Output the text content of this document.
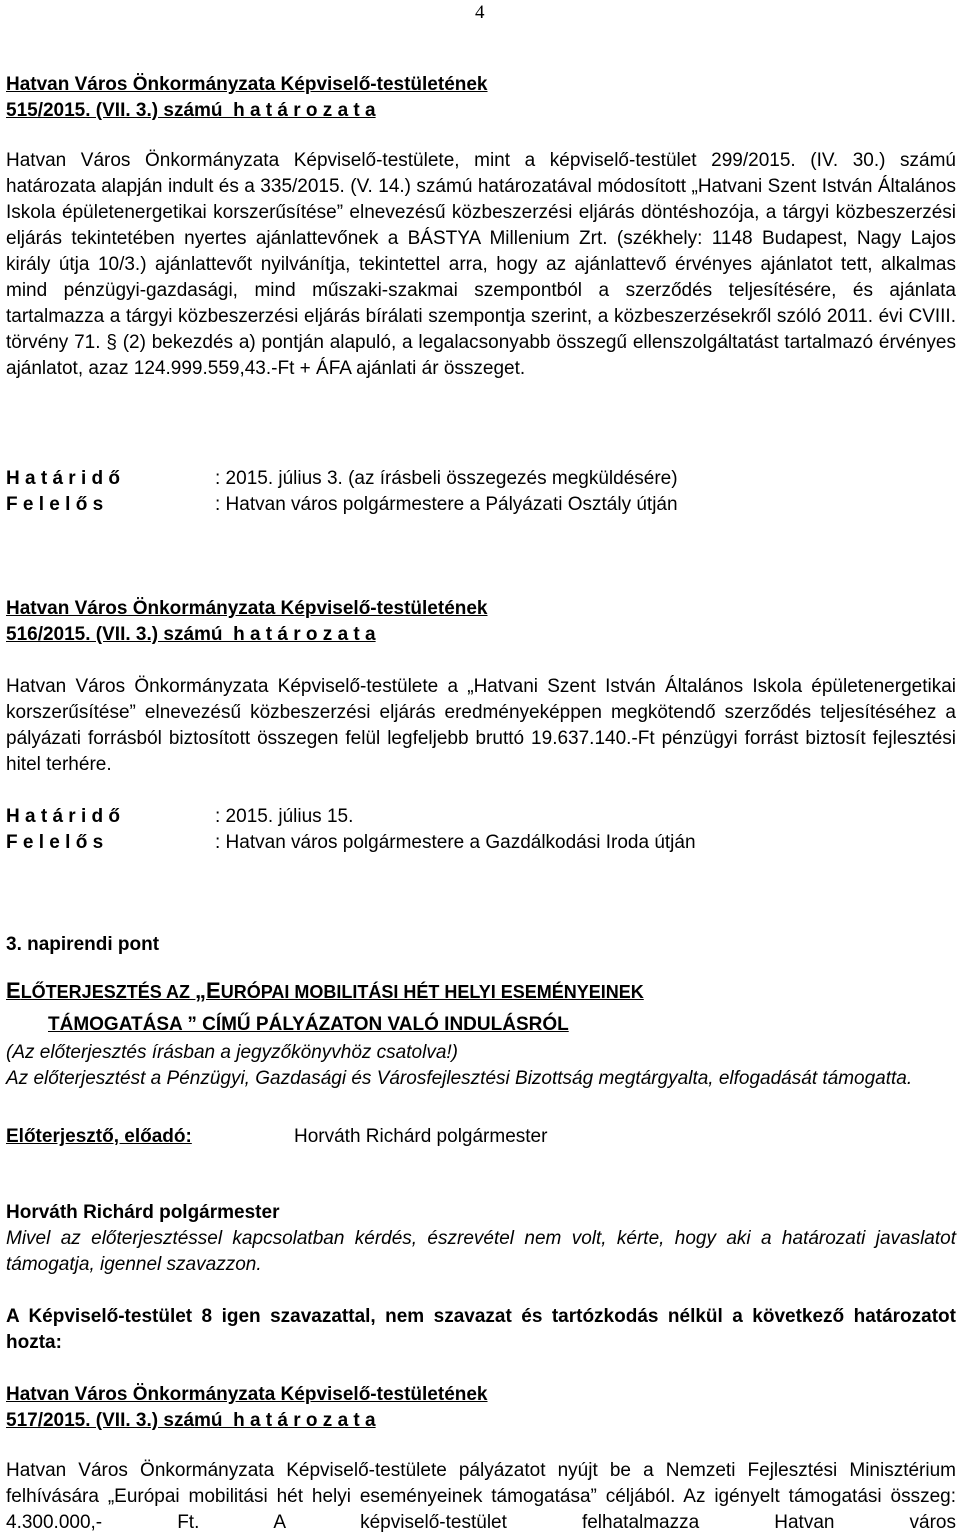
4
Hatvan Város Önkormányzata Képviselő-testületének
515/2015. (VII. 3.) számú  h a t á r o z a t a
Hatvan Város Önkormányzata Képviselő-testülete, mint a képviselő-testület 299/2015. (IV. 30.) számú határozata alapján indult és a 335/2015. (V. 14.) számú határozatával módosított „Hatvani Szent István Általános Iskola épületenergetikai korszerűsítése” elnevezésű közbeszerzési eljárás döntéshozója, a tárgyi közbeszerzési eljárás tekintetében nyertes ajánlattevőnek a BÁSTYA Millenium Zrt. (székhely: 1148 Budapest, Nagy Lajos király útja 10/3.) ajánlattevőt nyilvánítja, tekintettel arra, hogy az ajánlattevő érvényes ajánlatot tett, alkalmas mind pénzügyi-gazdasági, mind műszaki-szakmai szempontból a szerződés teljesítésére, és ajánlata tartalmazza a tárgyi közbeszerzési eljárás bírálati szempontja szerint, a közbeszerzésekről szóló 2011. évi CVIII. törvény 71. § (2) bekezdés a) pontján alapuló, a legalacsonyabb összegű ellenszolgáltatást tartalmazó érvényes ajánlatot, azaz 124.999.559,43.-Ft + ÁFA ajánlati ár összeget.
H a t á r i d ő	: 2015. július 3. (az írásbeli összegezés megküldésére)
F e l e l ő s	: Hatvan város polgármestere a Pályázati Osztály útján
Hatvan Város Önkormányzata Képviselő-testületének
516/2015. (VII. 3.) számú  h a t á r o z a t a
Hatvan Város Önkormányzata Képviselő-testülete a „Hatvani Szent István Általános Iskola épületenergetikai korszerűsítése” elnevezésű közbeszerzési eljárás eredményeképpen megkötendő szerződés teljesítéséhez a pályázati forrásból biztosított összegen felül legfeljebb bruttó 19.637.140.-Ft pénzügyi forrást biztosít fejlesztési hitel terhére.
H a t á r i d ő	: 2015. július 15.
F e l e l ő s	: Hatvan város polgármestere a Gazdálkodási Iroda útján
3. napirendi pont
ELŐTERJESZTÉS AZ „EURÓPAI MOBILITÁSI HÉT HELYI ESEMÉNYEINEK
TÁMOGATÁSA ” CÍMŰ PÁLYÁZATON VALÓ INDULÁSRÓL
(Az előterjesztés írásban a jegyzőkönyvhöz csatolva!)
Az előterjesztést a Pénzügyi, Gazdasági és Városfejlesztési Bizottság megtárgyalta, elfogadását támogatta.
Előterjesztő, előadó:	Horváth Richárd polgármester
Horváth Richárd polgármester
Mivel az előterjesztéssel kapcsolatban kérdés, észrevétel nem volt, kérte, hogy aki a határozati javaslatot támogatja, igennel szavazzon.
A Képviselő-testület 8 igen szavazattal, nem szavazat és tartózkodás nélkül a következő határozatot hozta:
Hatvan Város Önkormányzata Képviselő-testületének
517/2015. (VII. 3.) számú  h a t á r o z a t a
Hatvan Város Önkormányzata Képviselő-testülete pályázatot nyújt be a Nemzeti Fejlesztési Minisztérium felhívására „Európai mobilitási hét helyi eseményeinek támogatása” céljából. Az igényelt támogatási összeg: 4.300.000,- Ft. A képviselő-testület felhatalmazza Hatvan város
